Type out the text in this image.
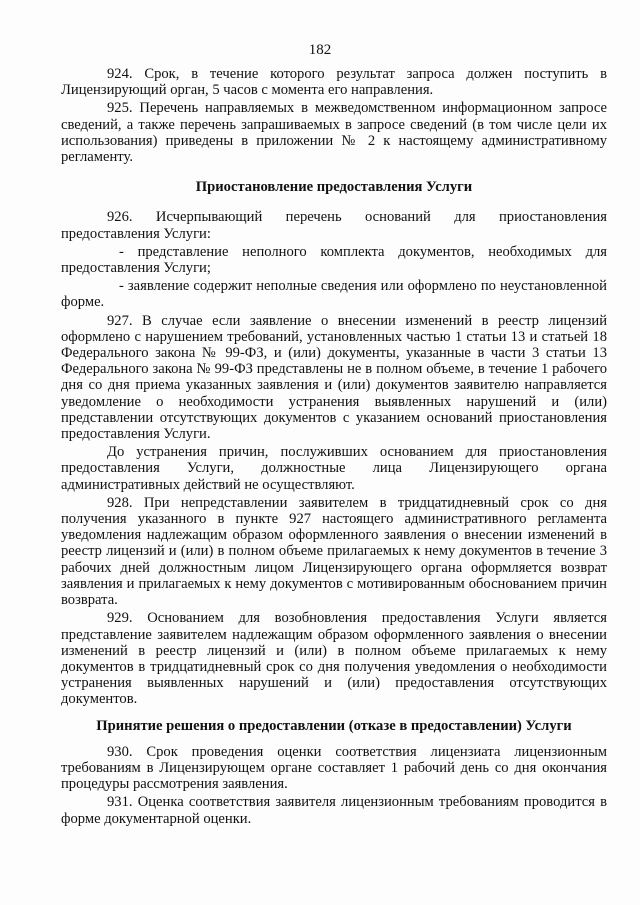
182

924. Срок, в течение которого результат запроса должен поступить в Лицензирующий орган, 5 часов с момента его направления.

925. Перечень направляемых в межведомственном информационном запросе сведений, а также перечень запрашиваемых в запросе сведений (в том числе цели их использования) приведены в приложении № 2 к настоящему административному регламенту.

Приостановление предоставления Услуги

926. Исчерпывающий перечень оснований для приостановления предоставления Услуги:

- представление неполного комплекта документов, необходимых для предоставления Услуги;

- заявление содержит неполные сведения или оформлено по неустановленной форме.

927. В случае если заявление о внесении изменений в реестр лицензий оформлено с нарушением требований, установленных частью 1 статьи 13 и статьей 18 Федерального закона № 99-ФЗ, и (или) документы, указанные в части 3 статьи 13 Федерального закона № 99-ФЗ представлены не в полном объеме, в течение 1 рабочего дня со дня приема указанных заявления и (или) документов заявителю направляется уведомление о необходимости устранения выявленных нарушений и (или) представлении отсутствующих документов с указанием оснований приостановления предоставления Услуги.

До устранения причин, послуживших основанием для приостановления предоставления Услуги, должностные лица Лицензирующего органа административных действий не осуществляют.

928. При непредставлении заявителем в тридцатидневный срок со дня получения указанного в пункте 927 настоящего административного регламента уведомления надлежащим образом оформленного заявления о внесении изменений в реестр лицензий и (или) в полном объеме прилагаемых к нему документов в течение 3 рабочих дней должностным лицом Лицензирующего органа оформляется возврат заявления и прилагаемых к нему документов с мотивированным обоснованием причин возврата.

929. Основанием для возобновления предоставления Услуги является представление заявителем надлежащим образом оформленного заявления о внесении изменений в реестр лицензий и (или) в полном объеме прилагаемых к нему документов в тридцатидневный срок со дня получения уведомления о необходимости устранения выявленных нарушений и (или) предоставления отсутствующих документов.

Принятие решения о предоставлении (отказе в предоставлении) Услуги

930. Срок проведения оценки соответствия лицензиата лицензионным требованиям в Лицензирующем органе составляет 1 рабочий день со дня окончания процедуры рассмотрения заявления.

931. Оценка соответствия заявителя лицензионным требованиям проводится в форме документарной оценки.
